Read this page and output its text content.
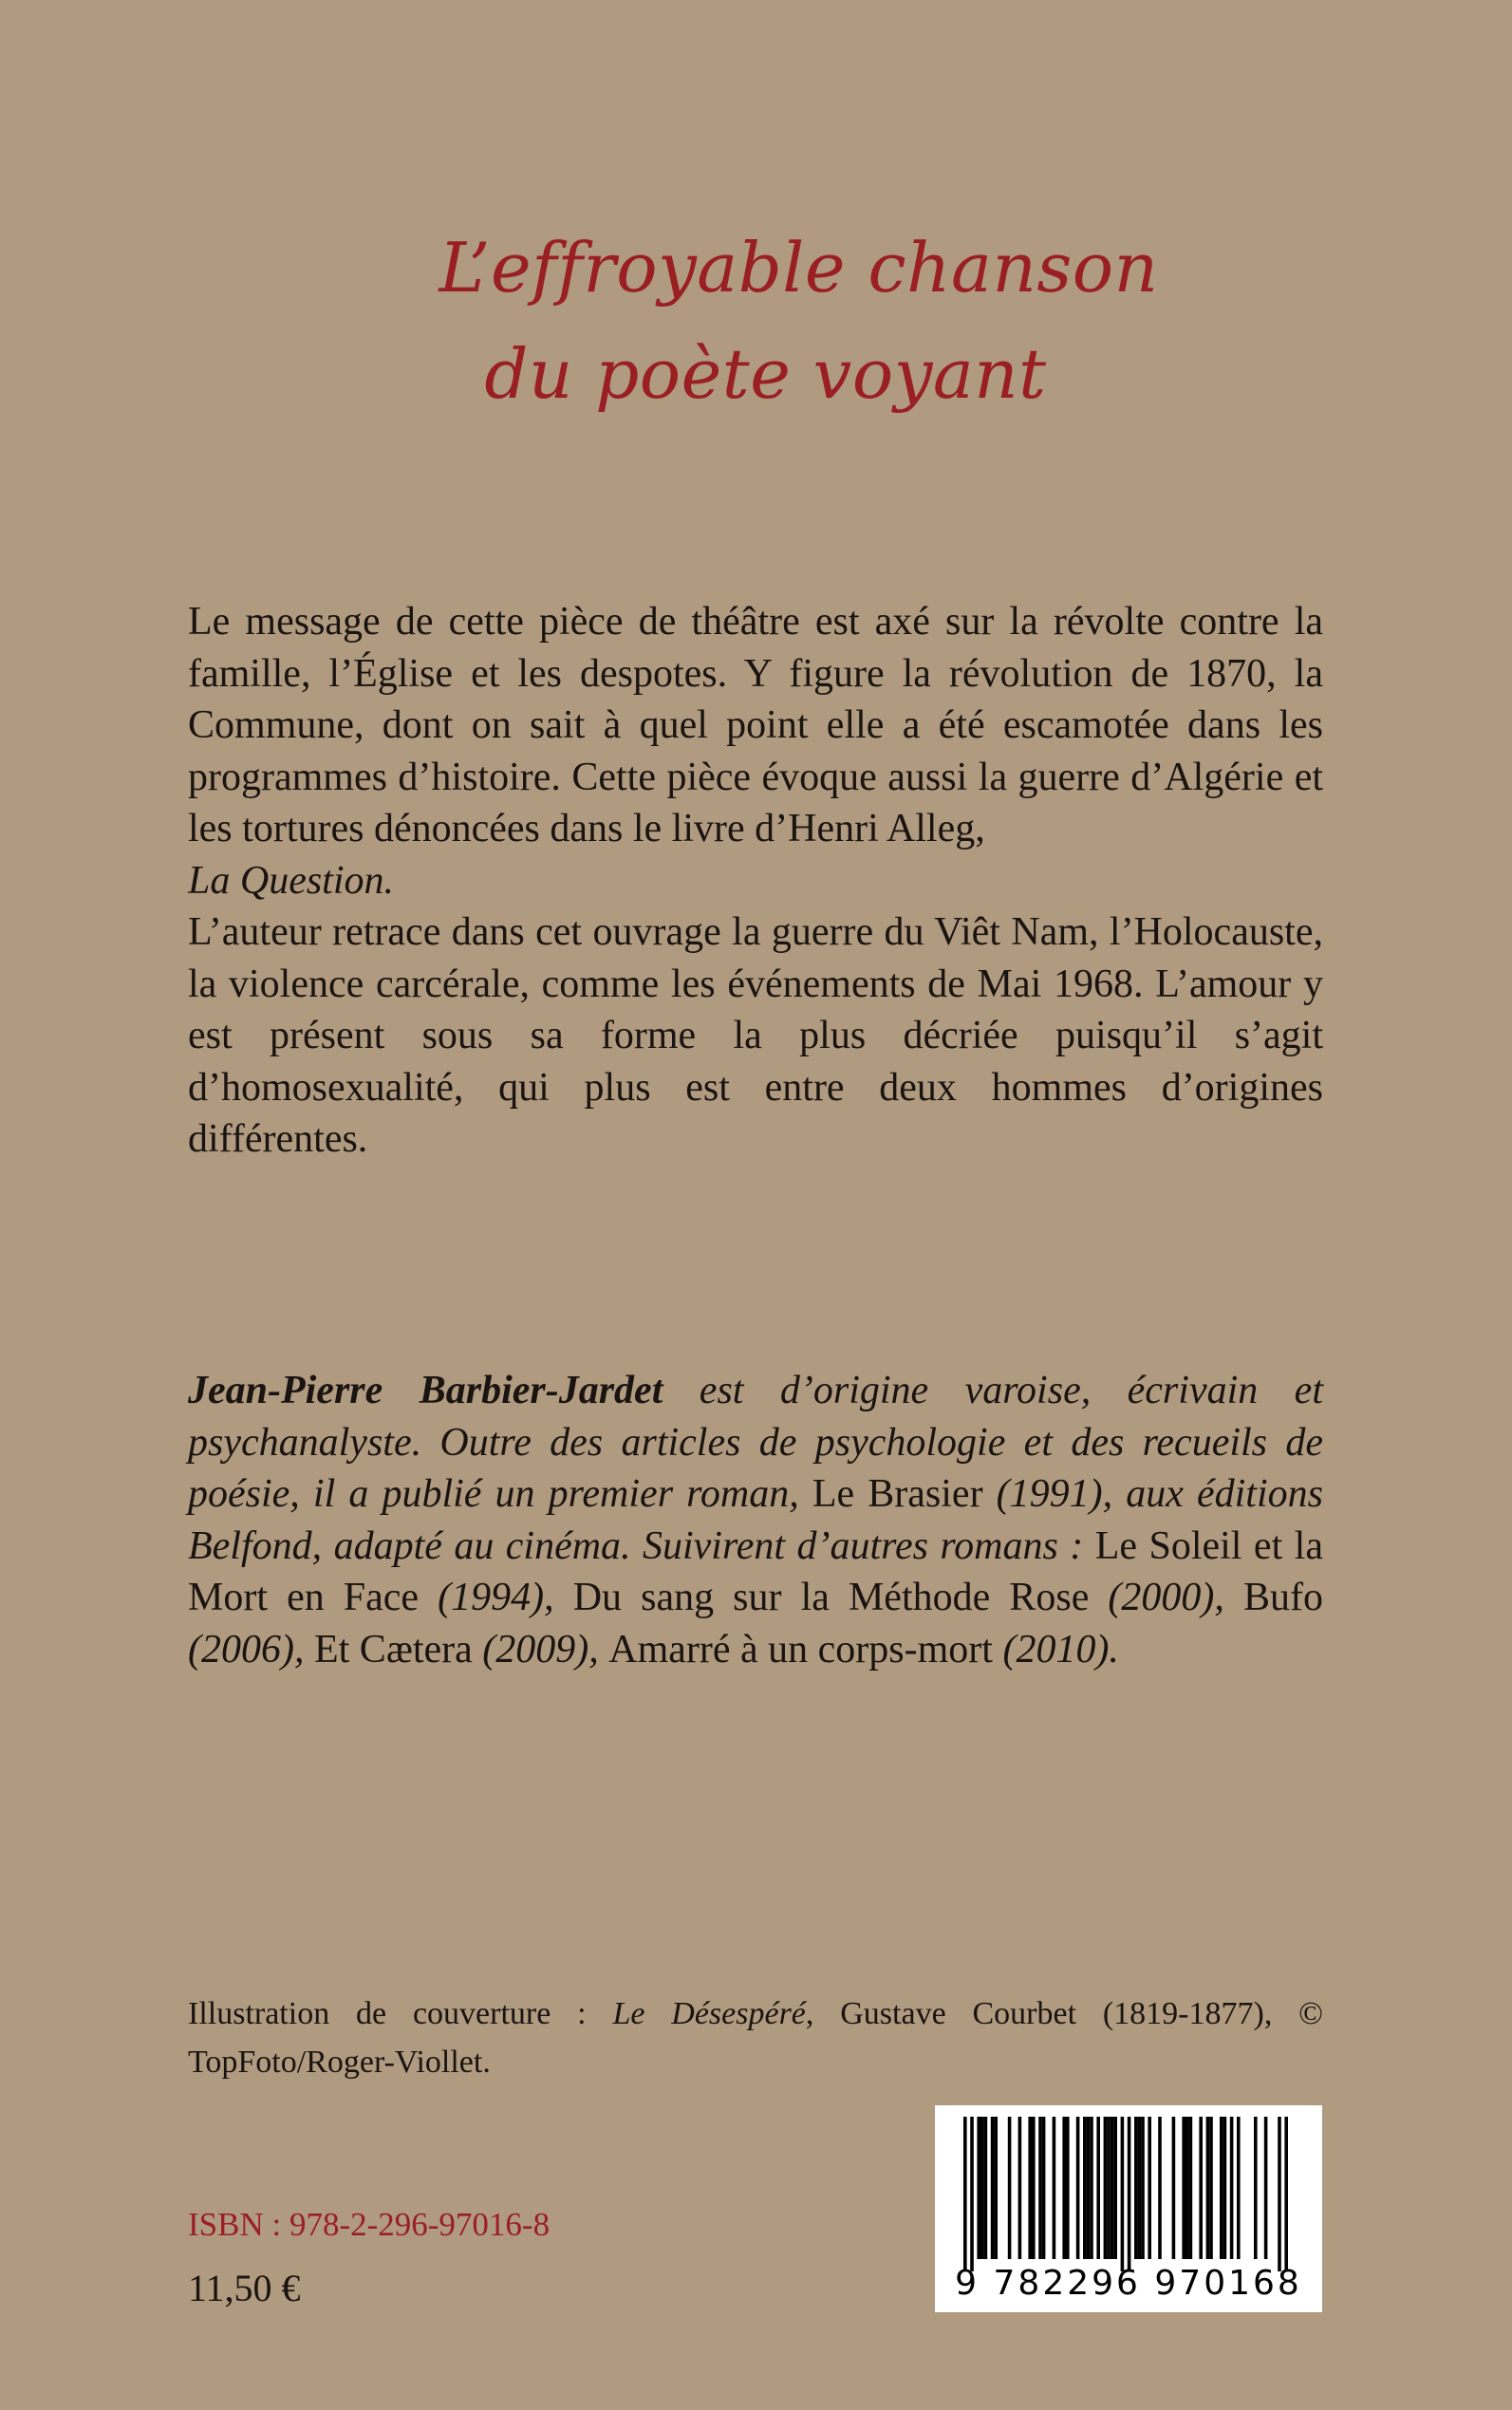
L’effroyable chanson
du poète voyant

Le message de cette pièce de théâtre est axé sur la révolte contre la famille, l’Église et les despotes. Y figure la révolution de 1870, la Commune, dont on sait à quel point elle a été escamotée dans les programmes d’histoire. Cette pièce évoque aussi la guerre d’Algérie et les tortures dénoncées dans le livre d’Henri Alleg,
La Question.

L’auteur retrace dans cet ouvrage la guerre du Viêt Nam, l’Holocauste, la violence carcérale, comme les événements de Mai 1968. L’amour y est présent sous sa forme la plus décriée puisqu’il s’agit d’homosexualité, qui plus est entre deux hommes d’origines différentes.

Jean-Pierre Barbier-Jardet est d’origine varoise, écrivain et psychanalyste. Outre des articles de psychologie et des recueils de poésie, il a publié un premier roman, Le Brasier (1991), aux éditions Belfond, adapté au cinéma. Suivirent d’autres romans : Le Soleil et la Mort en Face (1994), Du sang sur la Méthode Rose (2000), Bufo (2006), Et Cætera (2009), Amarré à un corps-mort (2010).

Illustration de couverture : Le Désespéré, Gustave Courbet (1819-1877), © TopFoto/Roger-Viollet.

ISBN : 978-2-296-97016-8

11,50 €	9 782296 970168
